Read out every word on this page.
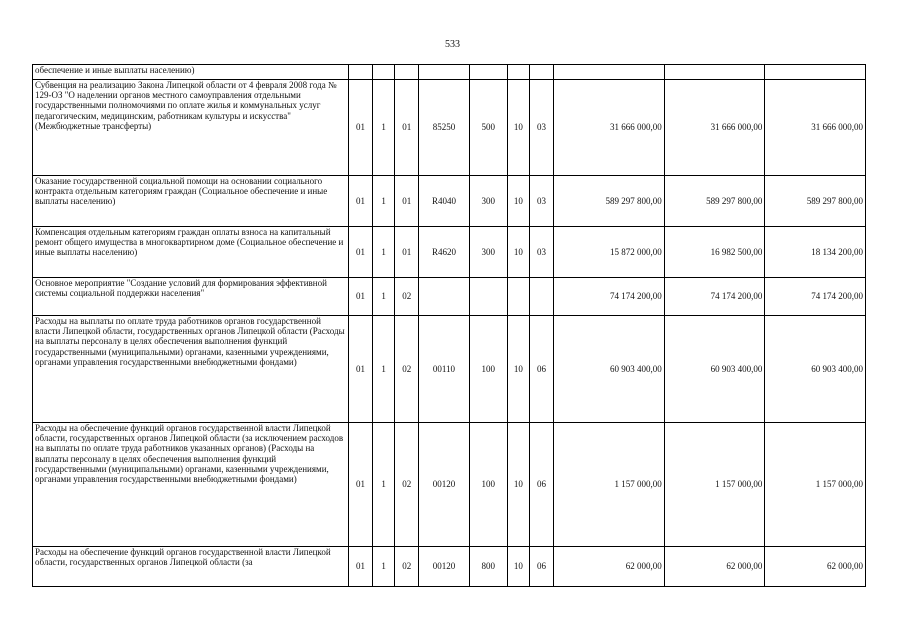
533
обеспечение и иные выплаты населению)										
Субвенция на реализацию Закона Липецкой области от 4 февраля 2008 года № 129-ОЗ "О наделении органов местного самоуправления отдельными государственными полномочиями по оплате жилья и коммунальных услуг педагогическим, медицинским, работникам культуры и искусства" (Межбюджетные трансферты)	01	1	01	85250	500	10	03	31 666 000,00	31 666 000,00	31 666 000,00
Оказание государственной социальной помощи на основании социального контракта отдельным категориям граждан (Социальное обеспечение и иные выплаты населению)	01	1	01	R4040	300	10	03	589 297 800,00	589 297 800,00	589 297 800,00
Компенсация отдельным категориям граждан оплаты взноса на капитальный ремонт общего имущества в многоквартирном доме (Социальное обеспечение и иные выплаты населению)	01	1	01	R4620	300	10	03	15 872 000,00	16 982 500,00	18 134 200,00
Основное мероприятие "Создание условий для формирования эффективной системы социальной поддержки населения"	01	1	02					74 174 200,00	74 174 200,00	74 174 200,00
Расходы на выплаты по оплате труда работников органов государственной власти Липецкой области, государственных органов Липецкой области (Расходы на выплаты персоналу в целях обеспечения выполнения функций государственными (муниципальными) органами, казенными учреждениями, органами управления государственными внебюджетными фондами)	01	1	02	00110	100	10	06	60 903 400,00	60 903 400,00	60 903 400,00
Расходы на обеспечение функций органов государственной власти Липецкой области, государственных органов Липецкой области (за исключением расходов на выплаты по оплате труда работников указанных органов) (Расходы на выплаты персоналу в целях обеспечения выполнения функций государственными (муниципальными) органами, казенными учреждениями, органами управления государственными внебюджетными фондами)	01	1	02	00120	100	10	06	1 157 000,00	1 157 000,00	1 157 000,00
Расходы на обеспечение функций органов государственной власти Липецкой области, государственных органов Липецкой области (за	01	1	02	00120	800	10	06	62 000,00	62 000,00	62 000,00
